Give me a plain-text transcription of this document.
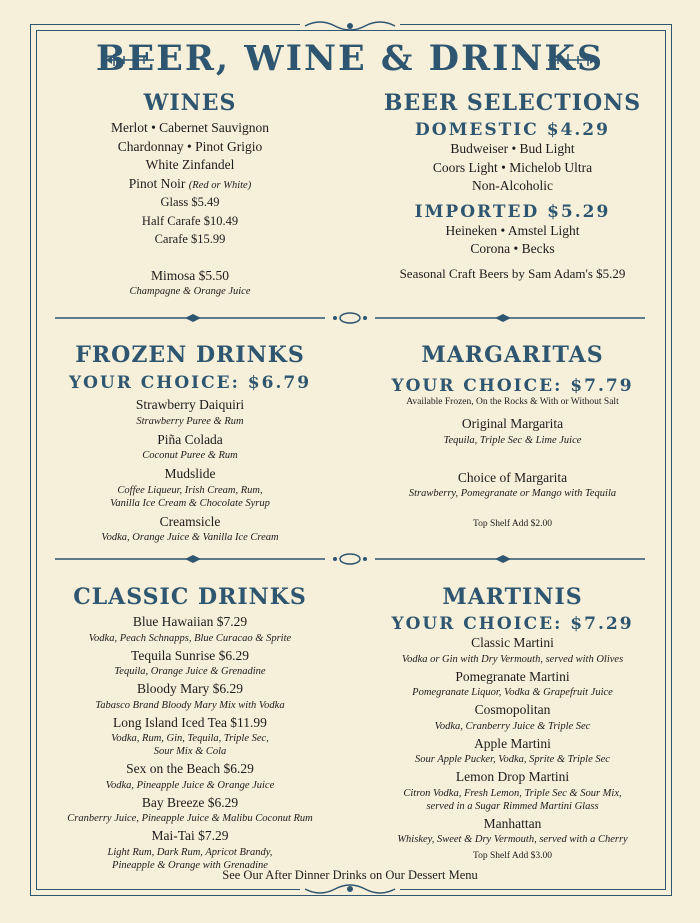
BEER, WINE & DRINKS

WINES

Merlot • Cabernet Sauvignon

Chardonnay • Pinot Grigio

White Zinfandel

Pinot Noir (Red or White)

Glass $5.49

Half Carafe $10.49

Carafe $15.99

Mimosa $5.50

Champagne & Orange Juice

BEER SELECTIONS

DOMESTIC $4.29

Budweiser • Bud Light

Coors Light • Michelob Ultra

Non-Alcoholic

IMPORTED $5.29

Heineken • Amstel Light

Corona • Becks

Seasonal Craft Beers by Sam Adam's $5.29

FROZEN DRINKS

YOUR CHOICE: $6.79

Strawberry Daiquiri

Strawberry Puree & Rum

Piña Colada

Coconut Puree & Rum

Mudslide

Coffee Liqueur, Irish Cream, Rum,

Vanilla Ice Cream & Chocolate Syrup

Creamsicle

Vodka, Orange Juice & Vanilla Ice Cream

MARGARITAS

YOUR CHOICE: $7.79

Available Frozen, On the Rocks & With or Without Salt

Original Margarita

Tequila, Triple Sec & Lime Juice

Choice of Margarita

Strawberry, Pomegranate or Mango with Tequila

Top Shelf Add $2.00

CLASSIC DRINKS

Blue Hawaiian $7.29

Vodka, Peach Schnapps, Blue Curacao & Sprite

Tequila Sunrise $6.29

Tequila, Orange Juice & Grenadine

Bloody Mary $6.29

Tabasco Brand Bloody Mary Mix with Vodka

Long Island Iced Tea $11.99

Vodka, Rum, Gin, Tequila, Triple Sec,

Sour Mix & Cola

Sex on the Beach $6.29

Vodka, Pineapple Juice & Orange Juice

Bay Breeze $6.29

Cranberry Juice, Pineapple Juice & Malibu Coconut Rum

Mai-Tai $7.29

Light Rum, Dark Rum, Apricot Brandy,

Pineapple & Orange with Grenadine

MARTINIS

YOUR CHOICE: $7.29

Classic Martini

Vodka or Gin with Dry Vermouth, served with Olives

Pomegranate Martini

Pomegranate Liquor, Vodka & Grapefruit Juice

Cosmopolitan

Vodka, Cranberry Juice & Triple Sec

Apple Martini

Sour Apple Pucker, Vodka, Sprite & Triple Sec

Lemon Drop Martini

Citron Vodka, Fresh Lemon, Triple Sec & Sour Mix,

served in a Sugar Rimmed Martini Glass

Manhattan

Whiskey, Sweet & Dry Vermouth, served with a Cherry

Top Shelf Add $3.00

See Our After Dinner Drinks on Our Dessert Menu
